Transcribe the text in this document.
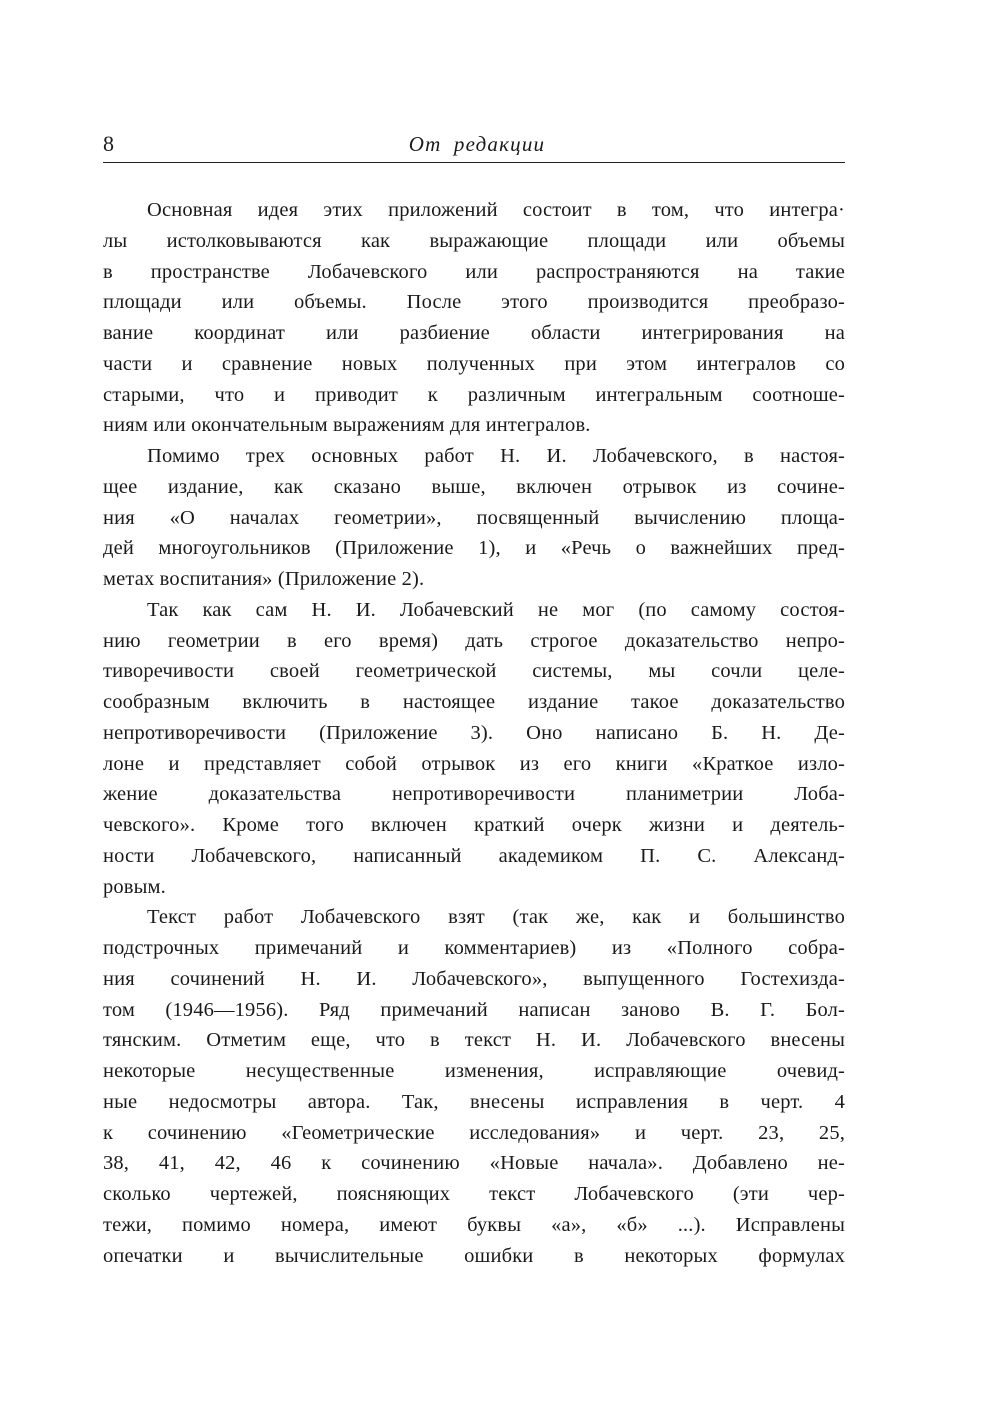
8	От редакции
Основная идея этих приложений состоит в том, что интегра·
лы истолковываются как выражающие площади или объемы
в пространстве Лобачевского или распространяются на такие
площади или объемы. После этого производится преобразо-
вание координат или разбиение области интегрирования на
части и сравнение новых полученных при этом интегралов со
старыми, что и приводит к различным интегральным соотноше-
ниям или окончательным выражениям для интегралов.
Помимо трех основных работ Н. И. Лобачевского, в настоя-
щее издание, как сказано выше, включен отрывок из сочине-
ния «О началах геометрии», посвященный вычислению площа-
дей многоугольников (Приложение 1), и «Речь о важнейших пред-
метах воспитания» (Приложение 2).
Так как сам Н. И. Лобачевский не мог (по самому состоя-
нию геометрии в его время) дать строгое доказательство непро-
тиворечивости своей геометрической системы, мы сочли целе-
сообразным включить в настоящее издание такое доказательство
непротиворечивости (Приложение 3). Оно написано Б. Н. Де-
лоне и представляет собой отрывок из его книги «Краткое изло-
жение доказательства непротиворечивости планиметрии Лоба-
чевского». Кроме того включен краткий очерк жизни и деятель-
ности Лобачевского, написанный академиком П. С. Александ-
ровым.
Текст работ Лобачевского взят (так же, как и большинство
подстрочных примечаний и комментариев) из «Полного собра-
ния сочинений Н. И. Лобачевского», выпущенного Гостехиздa-
том (1946—1956). Ряд примечаний написан заново В. Г. Бол-
тянским. Отметим еще, что в текст Н. И. Лобачевского внесены
некоторые несущественные изменения, исправляющие очевид-
ные недосмотры автора. Так, внесены исправления в черт. 4
к сочинению «Геометрические исследования» и черт. 23, 25,
38, 41, 42, 46 к сочинению «Новые начала». Добавлено не-
сколько чертежей, поясняющих текст Лобачевского (эти чер-
тежи, помимо номера, имеют буквы «а», «б» ...). Исправлены
опечатки и вычислительные ошибки в некоторых формулах
